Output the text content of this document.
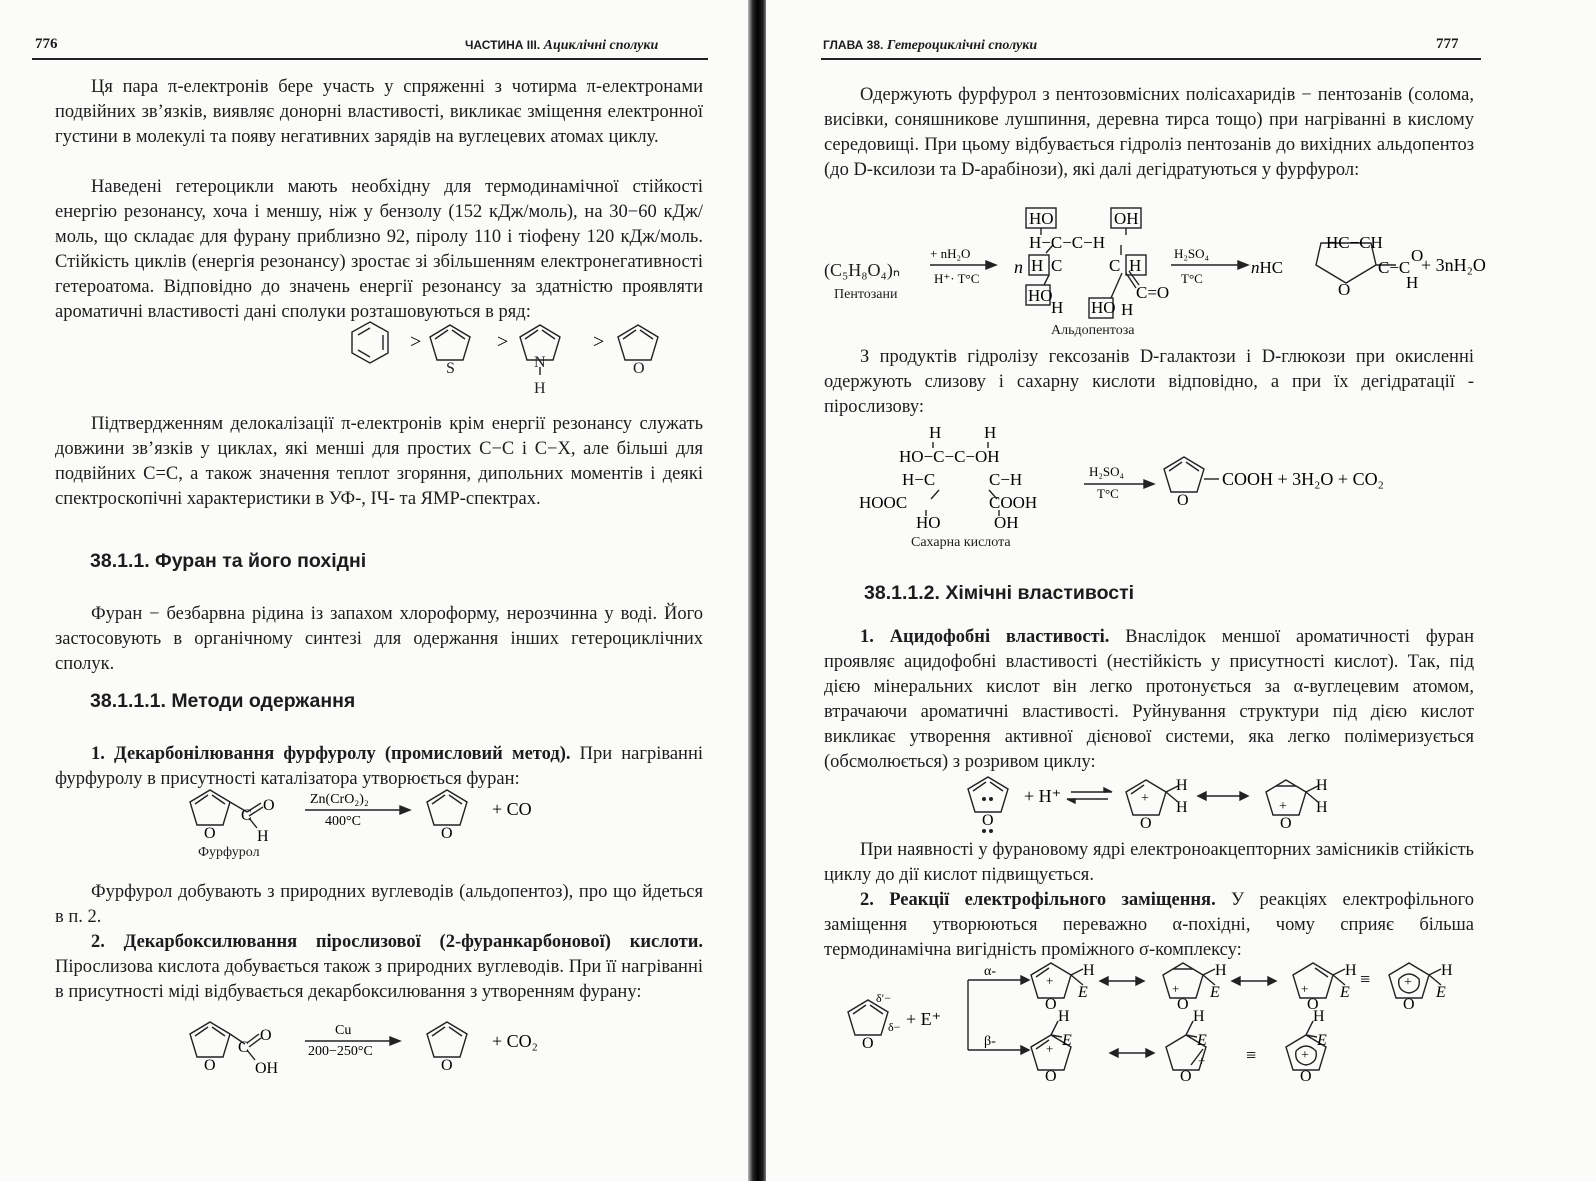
776	ЧАСТИНА III. Ациклічні сполуки
Ця пара π-електронів бере участь у спряженні з чотирма π-електронами подвійних зв’язків, виявляє донорні властивості, викликає зміщення електронної густини в молекулі та появу негативних зарядів на вуглецевих атомах циклу.
Наведені гетероцикли мають необхідну для термодинамічної стійкості енергію резонансу, хоча і меншу, ніж у бензолу (152 кДж/моль), на 30−60 кДж/моль, що складає для фурану приблизно 92, піролу 110 і тіофену 120 кДж/моль. Стійкість циклів (енергія резонансу) зростає зі збільшенням електронегативності гетероатома. Відповідно до значень енергії резонансу за здатністю проявляти ароматичні властивості дані сполуки розташовуються в ряд:
>
S
>
N
H
>
O
Підтвердженням делокалізації π-електронів крім енергії резонансу служать довжини зв’язків у циклах, які менші для простих C−C і C−X, але більші для подвійних C=C, а також значення теплот згоряння, дипольних моментів і деякі спектроскопічні характеристики в УФ-, ІЧ- та ЯМР-спектрах.
38.1.1. Фуран та його похідні
Фуран − безбарвна рідина із запахом хлороформу, нерозчинна у воді. Його застосовують в органічному синтезі для одержання інших гетероциклічних сполук.
38.1.1.1. Методи одержання
1. Декарбонілювання фурфуролу (промисловий метод). При нагріванні фурфуролу в присутності каталізатора утворюється фуран:
O
C
O
H
Zn(CrO₂)₂
400°C
O
+ CO
Фурфурол
Фурфурол добувають з природних вуглеводів (альдопентоз), про що йдеться в п. 2.
2. Декарбоксилювання пірослизової (2-фуранкарбонової) кислоти. Пірослизова кислота добувається також з природних вуглеводів. При її нагріванні в присутності міді відбувається декарбоксилювання з утворенням фурану:
O
C
O
OH
Cu
200−250°C
O
+ CO₂
ГЛАВА 38. Гетероциклічні сполуки	777
Одержують фурфурол з пентозовмісних полісахаридів − пентозанів (солома, висівки, соняшникове лушпиння, деревна тирса тощо) при нагріванні в кислому середовищі. При цьому відбувається гідроліз пентозанів до вихідних альдопентоз (до D-ксилози та D-арабінози), які далі дегідратуються у фурфурол:
(C₅H₈O₄)ₙ
Пентозани
+ nH₂O
H⁺· T°C
n
HO	OH
H−C−C−H
H C	C H
HO
H HO H
C=O
H₂SO₄
T°C
nHC
HC−CH
O
C−C
O
H
+ 3nH₂O
Альдопентоза
З продуктів гідролізу гексозанів D-галактози і D-глюкози при окисленні одержують слизову і сахарну кислоти відповідно, а при їх дегідратації - пірослизову:
H	H
HO−C−C−OH
H−C	C−H
HOOC	COOH
HO	OH
H₂SO₄
T°C	O
COOH + 3H₂O + CO₂
Сахарна кислота
38.1.1.2. Хімічні властивості
1. Ацидофобні властивості. Внаслідок меншої ароматичності фуран проявляє ацидофобні властивості (нестійкість у присутності кислот). Так, під дією мінеральних кислот він легко протонується за α-вуглецевим атомом, втрачаючи ароматичні властивості. Руйнування структури під дією кислот викликає утворення активної дієнової системи, яка легко полімеризується (обсмолюється) з розривом циклу:
O
+ H⁺	+
O
H
H	+
O
H
H
При наявності у фурановому ядрі електроноакцепторних замісників стійкість циклу до дії кислот підвищується.
2. Реакції електрофільного заміщення. У реакціях електрофільного заміщення утворюються переважно α-похідні, чому сприяє більша термодинамічна вигідність проміжного σ-комплексу:
δ′−
δ−
O
+ E⁺
α-
β-
+
O
H
E	+
O
H
E	+
O
H
E
≡ +
O
H
E
+
O
H
E
+
O
H
E
≡	+
O
H
E
